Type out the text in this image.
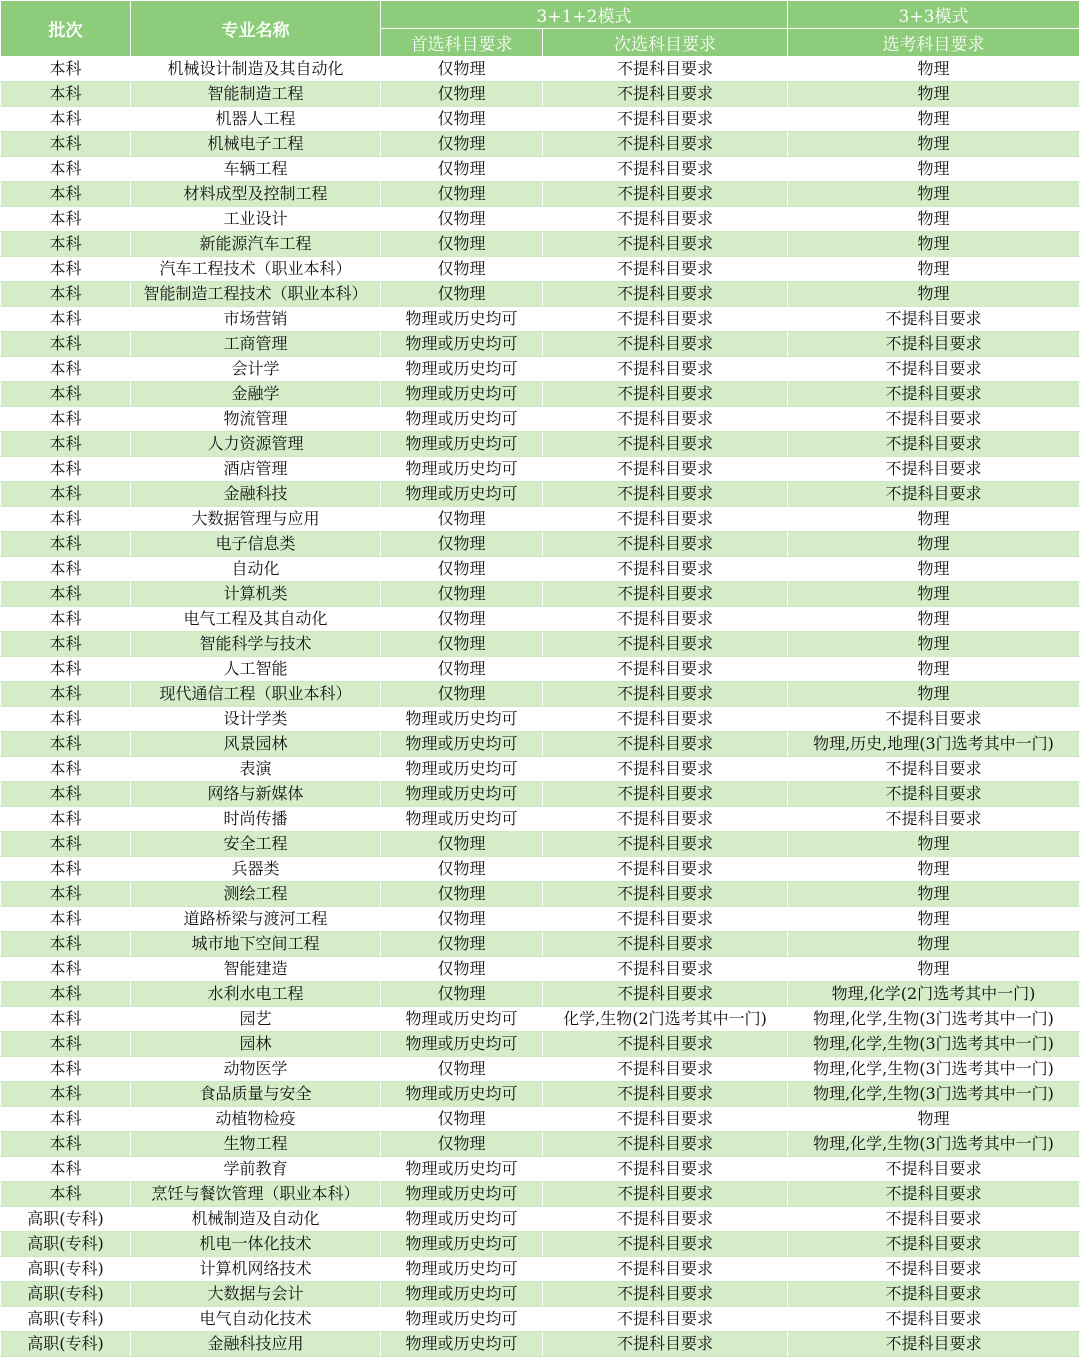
批次	专业名称	3+1+2模式		3+3模式
		首选科目要求	次选科目要求	选考科目要求
本科	机械设计制造及其自动化	仅物理	不提科目要求	物理
本科	智能制造工程	仅物理	不提科目要求	物理
本科	机器人工程	仅物理	不提科目要求	物理
本科	机械电子工程	仅物理	不提科目要求	物理
本科	车辆工程	仅物理	不提科目要求	物理
本科	材料成型及控制工程	仅物理	不提科目要求	物理
本科	工业设计	仅物理	不提科目要求	物理
本科	新能源汽车工程	仅物理	不提科目要求	物理
本科	汽车工程技术（职业本科）	仅物理	不提科目要求	物理
本科	智能制造工程技术（职业本科）	仅物理	不提科目要求	物理
本科	市场营销	物理或历史均可	不提科目要求	不提科目要求
本科	工商管理	物理或历史均可	不提科目要求	不提科目要求
本科	会计学	物理或历史均可	不提科目要求	不提科目要求
本科	金融学	物理或历史均可	不提科目要求	不提科目要求
本科	物流管理	物理或历史均可	不提科目要求	不提科目要求
本科	人力资源管理	物理或历史均可	不提科目要求	不提科目要求
本科	酒店管理	物理或历史均可	不提科目要求	不提科目要求
本科	金融科技	物理或历史均可	不提科目要求	不提科目要求
本科	大数据管理与应用	仅物理	不提科目要求	物理
本科	电子信息类	仅物理	不提科目要求	物理
本科	自动化	仅物理	不提科目要求	物理
本科	计算机类	仅物理	不提科目要求	物理
本科	电气工程及其自动化	仅物理	不提科目要求	物理
本科	智能科学与技术	仅物理	不提科目要求	物理
本科	人工智能	仅物理	不提科目要求	物理
本科	现代通信工程（职业本科）	仅物理	不提科目要求	物理
本科	设计学类	物理或历史均可	不提科目要求	不提科目要求
本科	风景园林	物理或历史均可	不提科目要求	物理,历史,地理(3门选考其中一门)
本科	表演	物理或历史均可	不提科目要求	不提科目要求
本科	网络与新媒体	物理或历史均可	不提科目要求	不提科目要求
本科	时尚传播	物理或历史均可	不提科目要求	不提科目要求
本科	安全工程	仅物理	不提科目要求	物理
本科	兵器类	仅物理	不提科目要求	物理
本科	测绘工程	仅物理	不提科目要求	物理
本科	道路桥梁与渡河工程	仅物理	不提科目要求	物理
本科	城市地下空间工程	仅物理	不提科目要求	物理
本科	智能建造	仅物理	不提科目要求	物理
本科	水利水电工程	仅物理	不提科目要求	物理,化学(2门选考其中一门)
本科	园艺	物理或历史均可	化学,生物(2门选考其中一门)	物理,化学,生物(3门选考其中一门)
本科	园林	物理或历史均可	不提科目要求	物理,化学,生物(3门选考其中一门)
本科	动物医学	仅物理	不提科目要求	物理,化学,生物(3门选考其中一门)
本科	食品质量与安全	物理或历史均可	不提科目要求	物理,化学,生物(3门选考其中一门)
本科	动植物检疫	仅物理	不提科目要求	物理
本科	生物工程	仅物理	不提科目要求	物理,化学,生物(3门选考其中一门)
本科	学前教育	物理或历史均可	不提科目要求	不提科目要求
本科	烹饪与餐饮管理（职业本科）	物理或历史均可	不提科目要求	不提科目要求
高职(专科)	机械制造及自动化	物理或历史均可	不提科目要求	不提科目要求
高职(专科)	机电一体化技术	物理或历史均可	不提科目要求	不提科目要求
高职(专科)	计算机网络技术	物理或历史均可	不提科目要求	不提科目要求
高职(专科)	大数据与会计	物理或历史均可	不提科目要求	不提科目要求
高职(专科)	电气自动化技术	物理或历史均可	不提科目要求	不提科目要求
高职(专科)	金融科技应用	物理或历史均可	不提科目要求	不提科目要求
